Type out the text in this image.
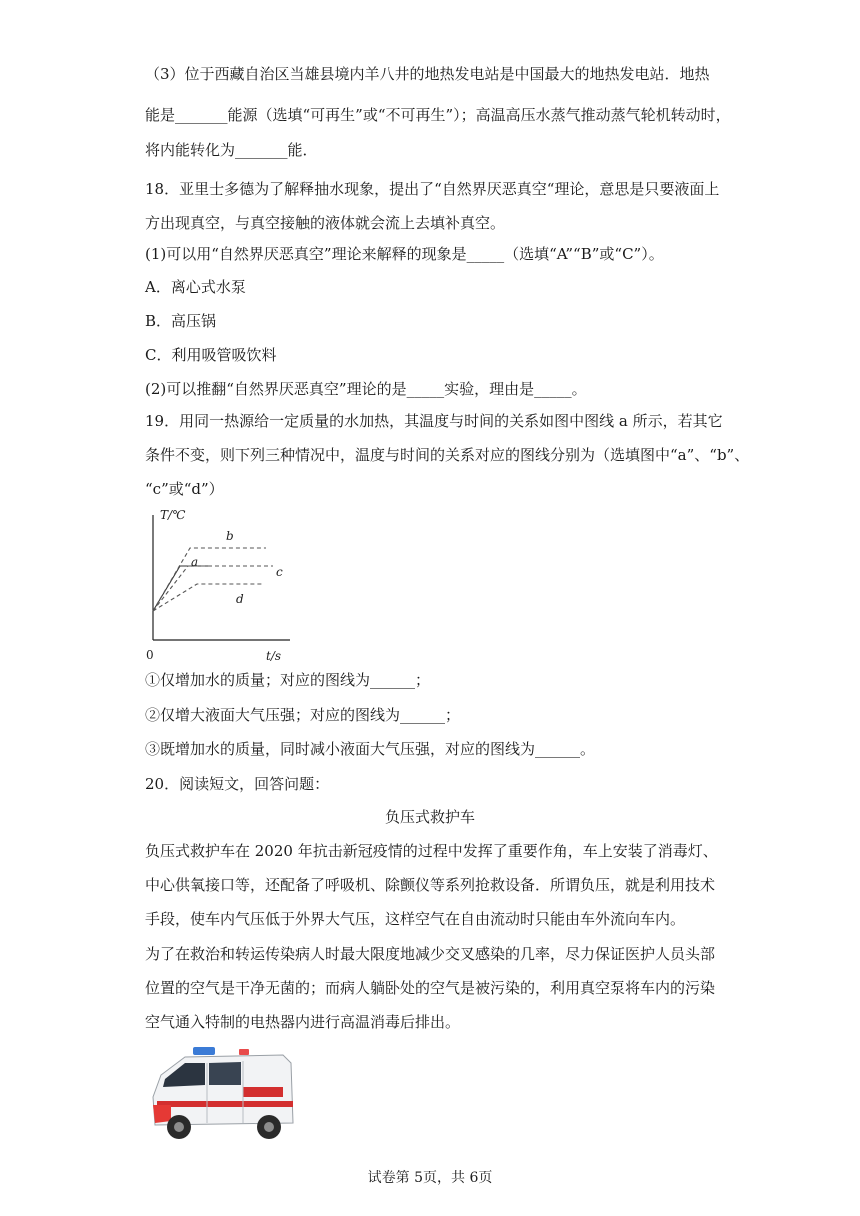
（3）位于西藏自治区当雄县境内羊八井的地热发电站是中国最大的地热发电站．地热
能是_______能源（选填“可再生”或“不可再生”）；高温高压水蒸气推动蒸气轮机转动时，
将内能转化为_______能．
18．亚里士多德为了解释抽水现象，提出了“自然界厌恶真空“理论，意思是只要液面上
方出现真空，与真空接触的液体就会流上去填补真空。
(1)可以用“自然界厌恶真空”理论来解释的现象是_____（选填“A”“B”或“C”）。
A．离心式水泵
B．高压锅
C．利用吸管吸饮料
(2)可以推翻“自然界厌恶真空”理论的是_____实验，理由是_____。
19．用同一热源给一定质量的水加热，其温度与时间的关系如图中图线 a 所示，若其它
条件不变，则下列三种情况中，温度与时间的关系对应的图线分别为（选填图中“a”、“b”、
“c”或“d”）
T/℃
b
a
c
d
0	t/s
①仅增加水的质量；对应的图线为______；
②仅增大液面大气压强；对应的图线为______；
③既增加水的质量，同时减小液面大气压强，对应的图线为______。
20．阅读短文，回答问题：
负压式救护车
负压式救护车在 2020 年抗击新冠疫情的过程中发挥了重要作角，车上安装了消毒灯、
中心供氧接口等，还配备了呼吸机、除颤仪等系列抢救设备．所谓负压，就是利用技术
手段，使车内气压低于外界大气压，这样空气在自由流动时只能由车外流向车内。
为了在救治和转运传染病人时最大限度地减少交叉感染的几率，尽力保证医护人员头部
位置的空气是干净无菌的；而病人躺卧处的空气是被污染的，利用真空泵将车内的污染
空气通入特制的电热器内进行高温消毒后排出。
试卷第 5页，共 6页
